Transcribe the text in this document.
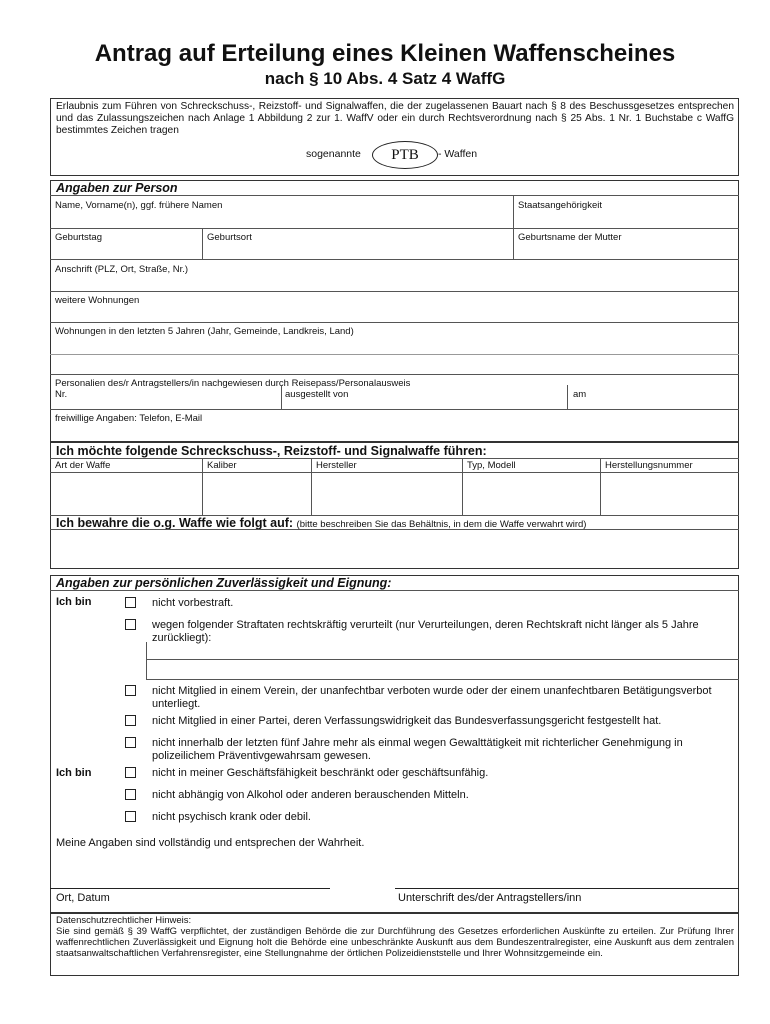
Antrag auf Erteilung eines Kleinen Waffenscheines
nach § 10 Abs. 4 Satz 4 WaffG
Erlaubnis zum Führen von Schreckschuss-, Reizstoff- und Signalwaffen, die der zugelassenen Bauart nach § 8 des Beschussgesetzes entsprechen und das Zulassungszeichen nach Anlage 1 Abbildung 2 zur 1. WaffV oder ein durch Rechtsverordnung nach § 25 Abs. 1 Nr. 1 Buchstabe c WaffG bestimmtes Zeichen tragen
sogenannte	PTB	- Waffen
Angaben zur Person
Name, Vorname(n), ggf. frühere Namen	Staatsangehörigkeit
Geburtstag	Geburtsort	Geburtsname der Mutter
Anschrift (PLZ, Ort, Straße, Nr.)
weitere Wohnungen
Wohnungen in den letzten 5 Jahren (Jahr, Gemeinde, Landkreis, Land)
Personalien des/r Antragstellers/in nachgewiesen durch Reisepass/Personalausweis
Nr.	ausgestellt von	am
freiwillige Angaben: Telefon, E-Mail
Ich möchte folgende Schreckschuss-, Reizstoff- und Signalwaffe führen:
Art der Waffe	Kaliber	Hersteller	Typ, Modell	Herstellungsnummer
Ich bewahre die o.g. Waffe wie folgt auf: (bitte beschreiben Sie das Behältnis, in dem die Waffe verwahrt wird)
Angaben zur persönlichen Zuverlässigkeit und Eignung:
Ich bin	nicht vorbestraft.
wegen folgender Straftaten rechtskräftig verurteilt (nur Verurteilungen, deren Rechtskraft nicht länger als 5 Jahre zurückliegt):
nicht Mitglied in einem Verein, der unanfechtbar verboten wurde oder der einem unanfechtbaren Betätigungsverbot unterliegt.
nicht Mitglied in einer Partei, deren Verfassungswidrigkeit das Bundesverfassungsgericht festgestellt hat.
nicht innerhalb der letzten fünf Jahre mehr als einmal wegen Gewalttätigkeit mit richterlicher Genehmigung in polizeilichem Präventivgewahrsam gewesen.
Ich bin	nicht in meiner Geschäftsfähigkeit beschränkt oder geschäftsunfähig.
nicht abhängig von Alkohol oder anderen berauschenden Mitteln.
nicht psychisch krank oder debil.
Meine Angaben sind vollständig und entsprechen der Wahrheit.
Ort, Datum	Unterschrift des/der Antragstellers/inn
Datenschutzrechtlicher Hinweis:
Sie sind gemäß § 39 WaffG verpflichtet, der zuständigen Behörde die zur Durchführung des Gesetzes erforderlichen Auskünfte zu erteilen. Zur Prüfung Ihrer waffenrechtlichen Zuverlässigkeit und Eignung holt die Behörde eine unbeschränkte Auskunft aus dem Bundeszentralregister, eine Auskunft aus dem zentralen staatsanwaltschaftlichen Verfahrensregister, eine Stellungnahme der örtlichen Polizeidienststelle und Ihrer Wohnsitzgemeinde ein.
